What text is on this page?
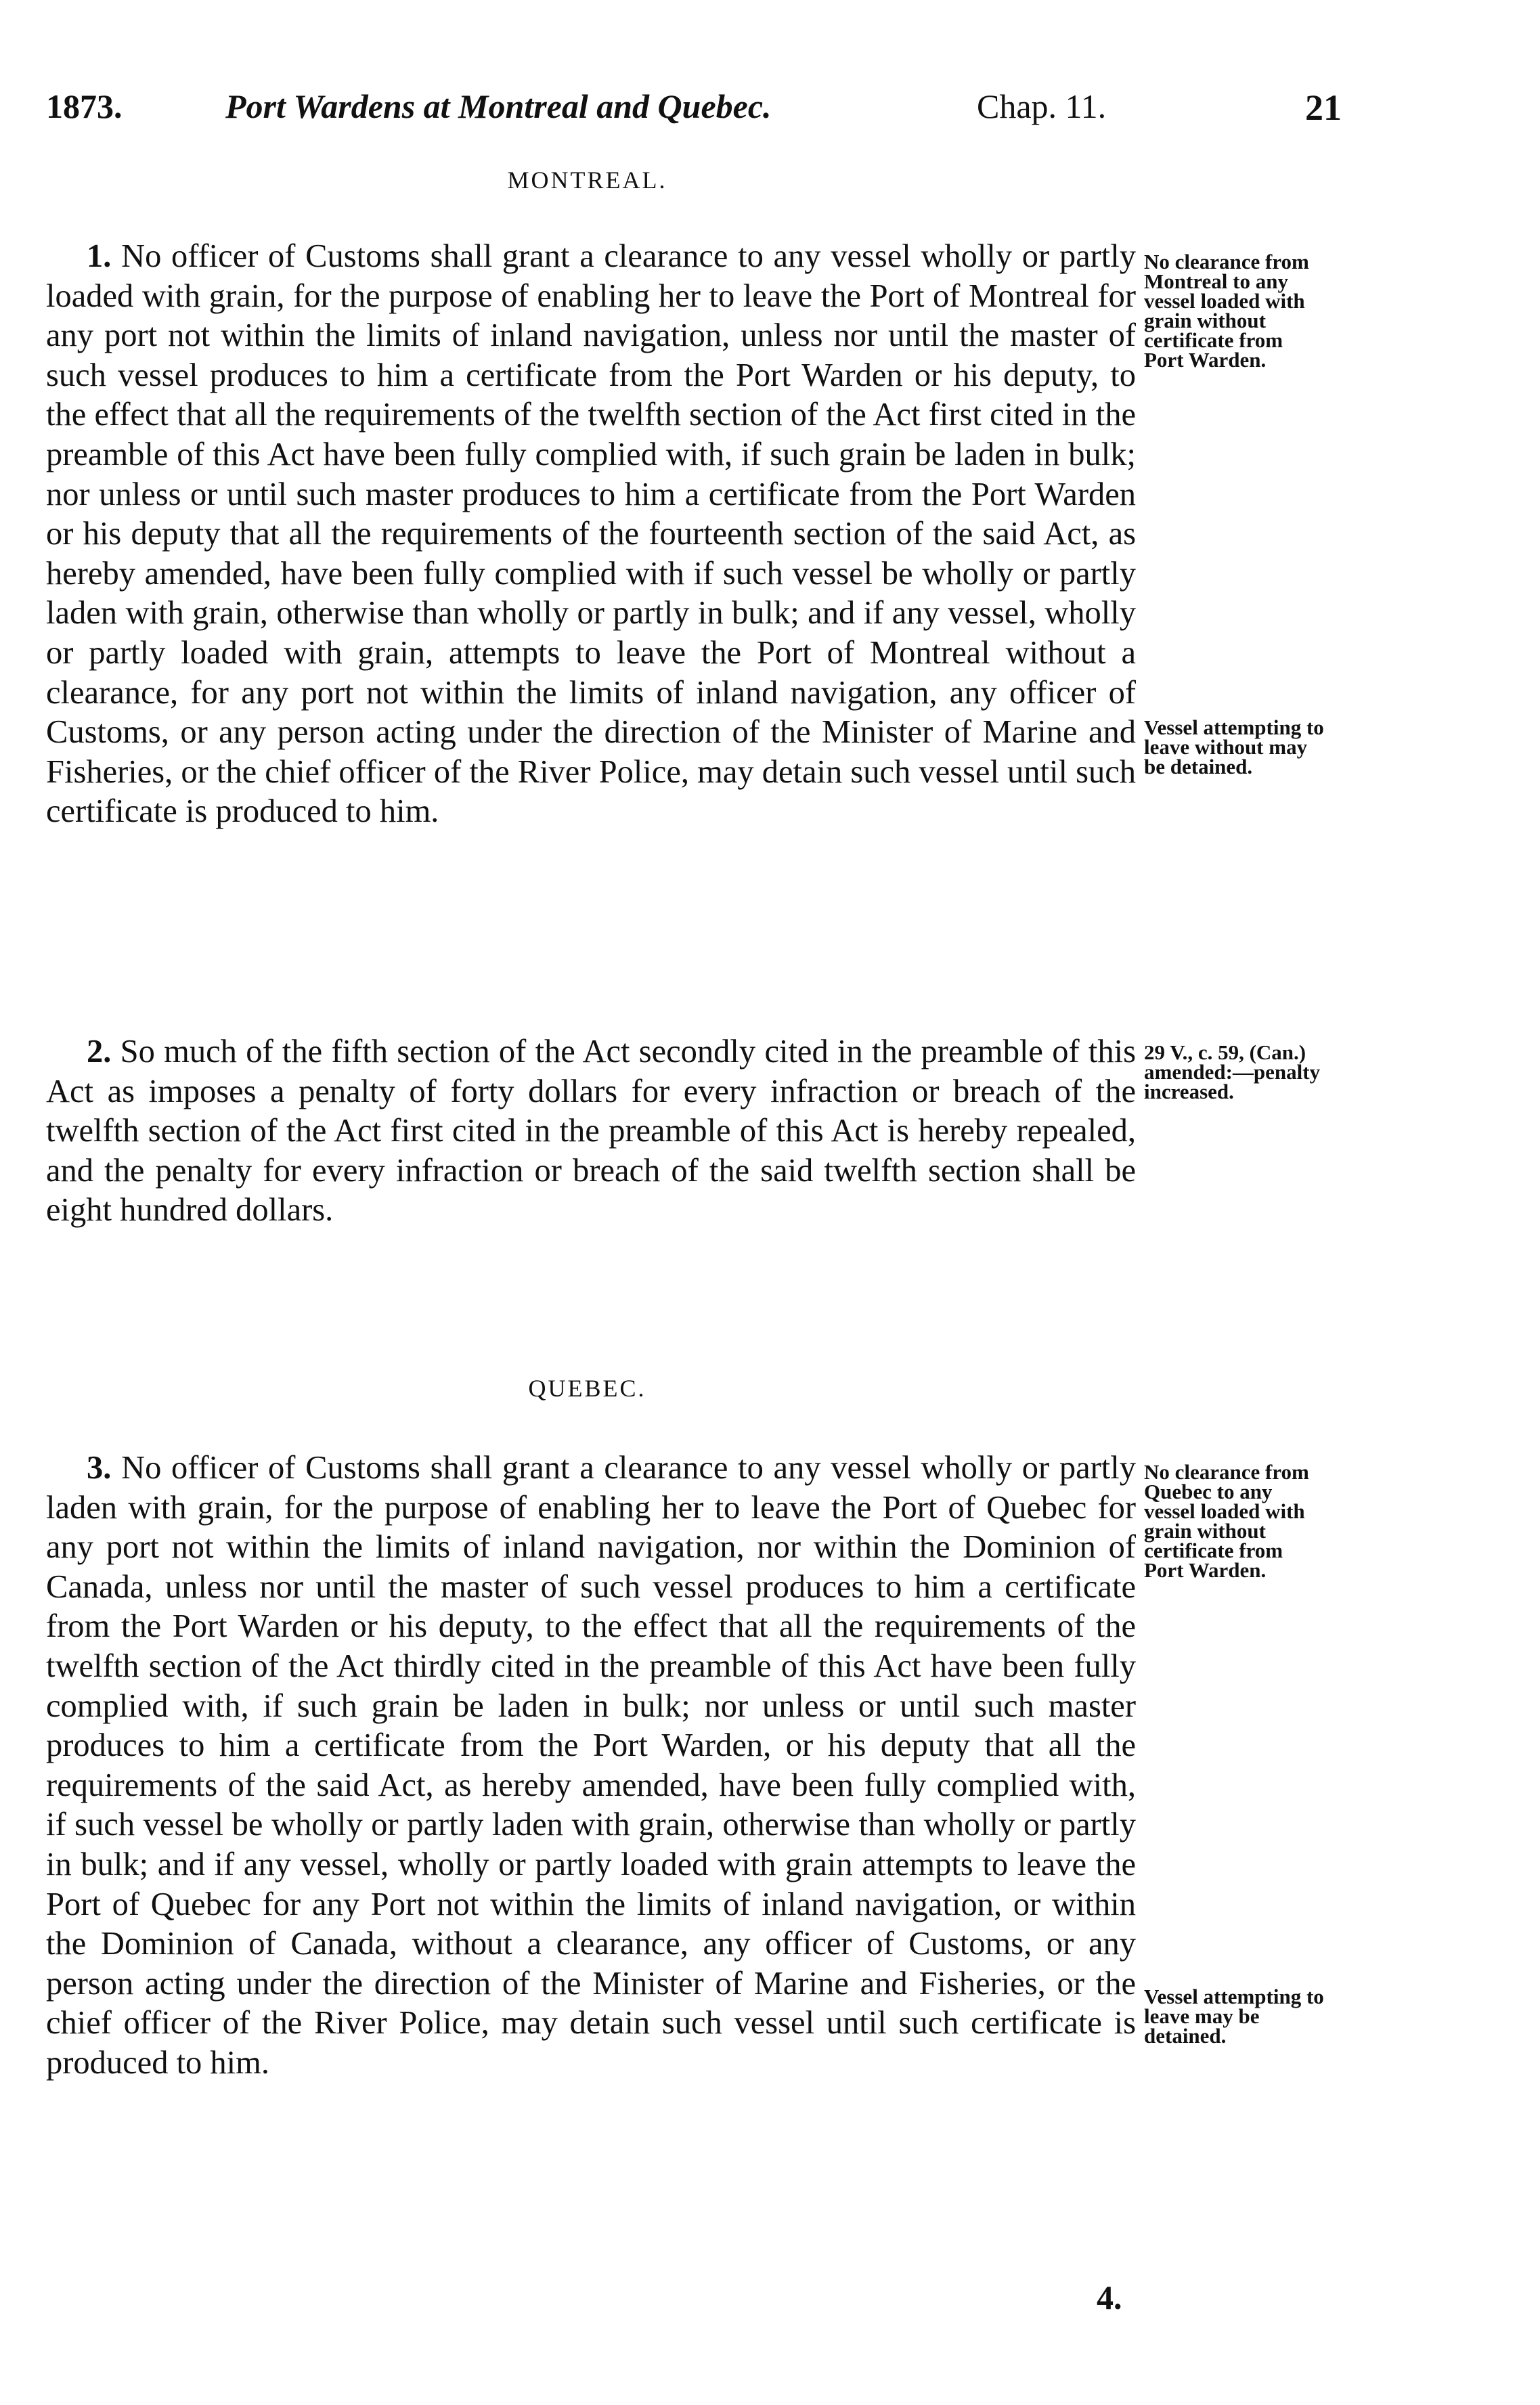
1873.	Port Wardens at Montreal and Quebec.	Chap. 11.	21
MONTREAL.
1. No officer of Customs shall grant a clearance to any vessel wholly or partly loaded with grain, for the purpose of enabling her to leave the Port of Montreal for any port not within the limits of inland navigation, unless nor until the master of such vessel produces to him a certificate from the Port Warden or his deputy, to the effect that all the requirements of the twelfth section of the Act first cited in the preamble of this Act have been fully complied with, if such grain be laden in bulk; nor unless or until such master produces to him a certificate from the Port Warden or his deputy that all the requirements of the fourteenth section of the said Act, as hereby amended, have been fully complied with if such vessel be wholly or partly laden with grain, otherwise than wholly or partly in bulk; and if any vessel, wholly or partly loaded with grain, attempts to leave the Port of Montreal without a clearance, for any port not within the limits of inland navigation, any officer of Customs, or any person acting under the direction of the Minister of Marine and Fisheries, or the chief officer of the River Police, may detain such vessel until such certificate is produced to him.
No clearance from Montreal to any vessel loaded with grain without certificate from Port Warden.
Vessel attempting to leave without may be detained.
2. So much of the fifth section of the Act secondly cited in the preamble of this Act as imposes a penalty of forty dollars for every infraction or breach of the twelfth section of the Act first cited in the preamble of this Act is hereby repealed, and the penalty for every infraction or breach of the said twelfth section shall be eight hundred dollars.
29 V., c. 59, (Can.) amended:—penalty increased.
QUEBEC.
3. No officer of Customs shall grant a clearance to any vessel wholly or partly laden with grain, for the purpose of enabling her to leave the Port of Quebec for any port not within the limits of inland navigation, nor within the Dominion of Canada, unless nor until the master of such vessel produces to him a certificate from the Port Warden or his deputy, to the effect that all the requirements of the twelfth section of the Act thirdly cited in the preamble of this Act have been fully complied with, if such grain be laden in bulk; nor unless or until such master produces to him a certificate from the Port Warden, or his deputy that all the requirements of the said Act, as hereby amended, have been fully complied with, if such vessel be wholly or partly laden with grain, otherwise than wholly or partly in bulk; and if any vessel, wholly or partly loaded with grain attempts to leave the Port of Quebec for any Port not within the limits of inland navigation, or within the Dominion of Canada, without a clearance, any officer of Customs, or any person acting under the direction of the Minister of Marine and Fisheries, or the chief officer of the River Police, may detain such vessel until such certificate is produced to him.
No clearance from Quebec to any vessel loaded with grain without certificate from Port Warden.
Vessel attempting to leave may be detained.
4.
